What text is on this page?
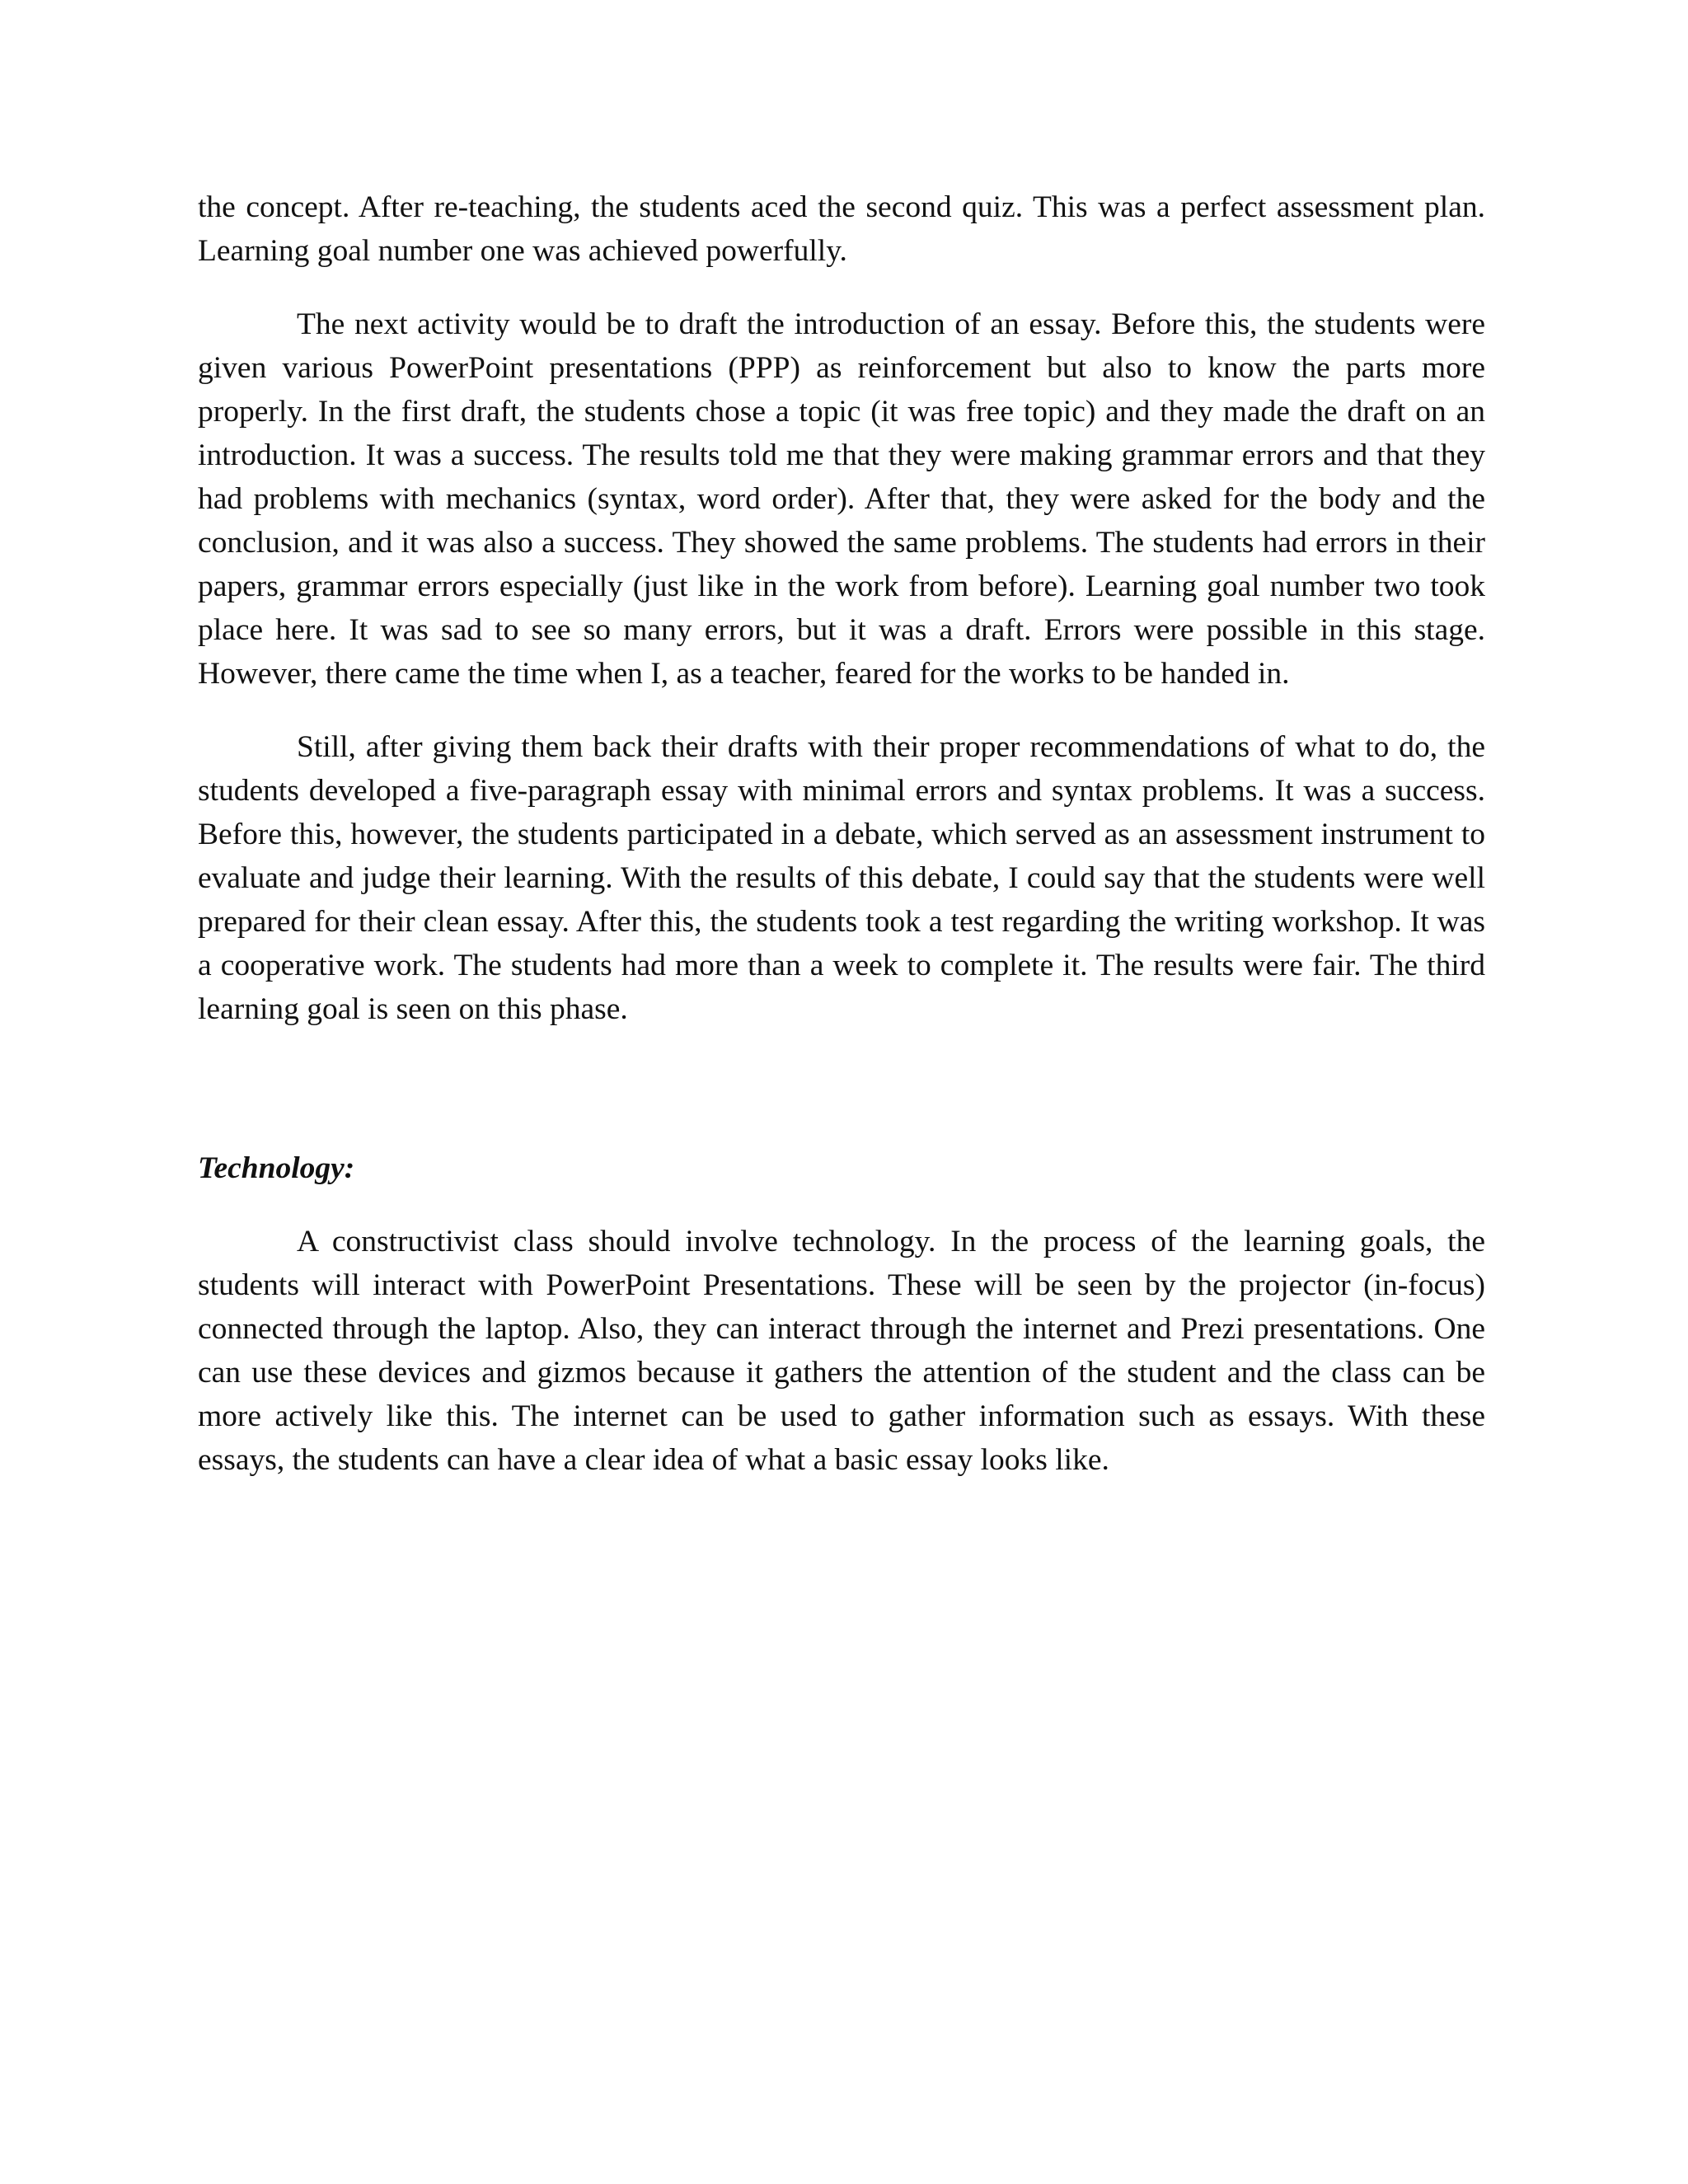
the concept. After re-teaching, the students aced the second quiz. This was a perfect assessment plan. Learning goal number one was achieved powerfully.

The next activity would be to draft the introduction of an essay. Before this, the students were given various PowerPoint presentations (PPP) as reinforcement but also to know the parts more properly. In the first draft, the students chose a topic (it was free topic) and they made the draft on an introduction. It was a success. The results told me that they were making grammar errors and that they had problems with mechanics (syntax, word order). After that, they were asked for the body and the conclusion, and it was also a success. They showed the same problems. The students had errors in their papers, grammar errors especially (just like in the work from before). Learning goal number two took place here. It was sad to see so many errors, but it was a draft. Errors were possible in this stage. However, there came the time when I, as a teacher, feared for the works to be handed in.

Still, after giving them back their drafts with their proper recommendations of what to do, the students developed a five-paragraph essay with minimal errors and syntax problems. It was a success. Before this, however, the students participated in a debate, which served as an assessment instrument to evaluate and judge their learning. With the results of this debate, I could say that the students were well prepared for their clean essay. After this, the students took a test regarding the writing workshop. It was a cooperative work. The students had more than a week to complete it. The results were fair. The third learning goal is seen on this phase.

Technology:

A constructivist class should involve technology. In the process of the learning goals, the students will interact with PowerPoint Presentations. These will be seen by the projector (in-focus) connected through the laptop. Also, they can interact through the internet and Prezi presentations. One can use these devices and gizmos because it gathers the attention of the student and the class can be more actively like this. The internet can be used to gather information such as essays. With these essays, the students can have a clear idea of what a basic essay looks like.
